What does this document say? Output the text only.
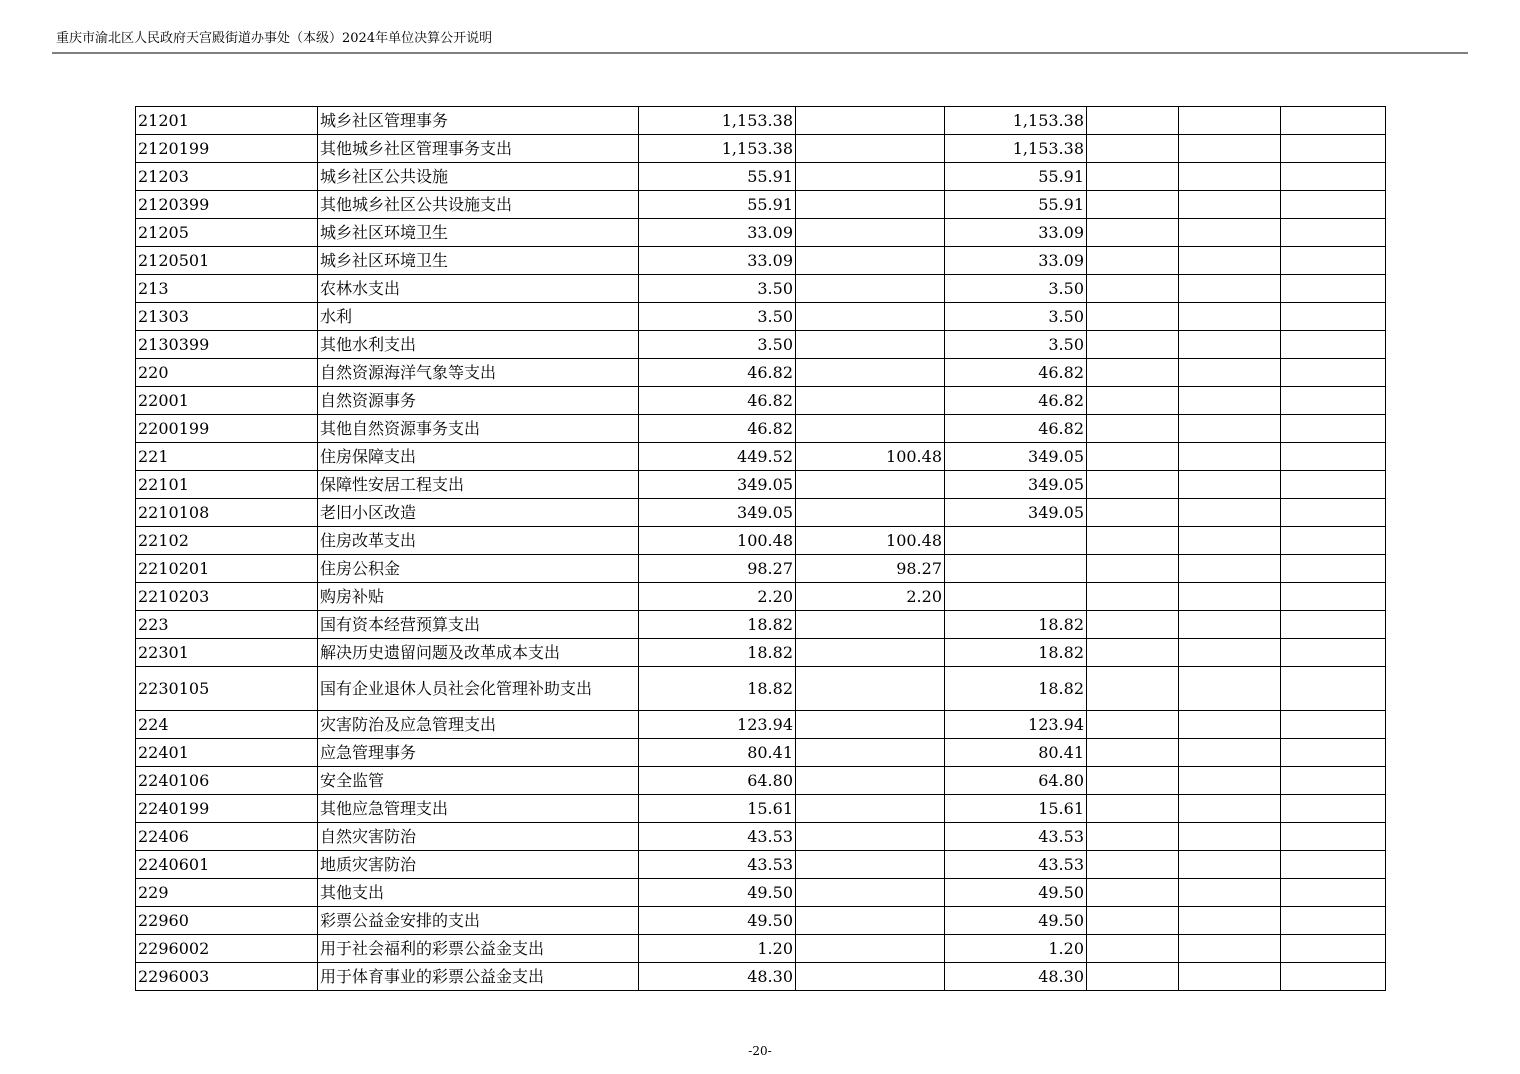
重庆市渝北区人民政府天宫殿街道办事处（本级）2024年单位决算公开说明
21201	城乡社区管理事务	1,153.38		1,153.38			
2120199	其他城乡社区管理事务支出	1,153.38		1,153.38			
21203	城乡社区公共设施	55.91		55.91			
2120399	其他城乡社区公共设施支出	55.91		55.91			
21205	城乡社区环境卫生	33.09		33.09			
2120501	城乡社区环境卫生	33.09		33.09			
213	农林水支出	3.50		3.50			
21303	水利	3.50		3.50			
2130399	其他水利支出	3.50		3.50			
220	自然资源海洋气象等支出	46.82		46.82			
22001	自然资源事务	46.82		46.82			
2200199	其他自然资源事务支出	46.82		46.82			
221	住房保障支出	449.52	100.48	349.05			
22101	保障性安居工程支出	349.05		349.05			
2210108	老旧小区改造	349.05		349.05			
22102	住房改革支出	100.48	100.48				
2210201	住房公积金	98.27	98.27				
2210203	购房补贴	2.20	2.20				
223	国有资本经营预算支出	18.82		18.82			
22301	解决历史遗留问题及改革成本支出	18.82		18.82			
2230105	国有企业退休人员社会化管理补助支出	18.82		18.82			
224	灾害防治及应急管理支出	123.94		123.94			
22401	应急管理事务	80.41		80.41			
2240106	安全监管	64.80		64.80			
2240199	其他应急管理支出	15.61		15.61			
22406	自然灾害防治	43.53		43.53			
2240601	地质灾害防治	43.53		43.53			
229	其他支出	49.50		49.50			
22960	彩票公益金安排的支出	49.50		49.50			
2296002	用于社会福利的彩票公益金支出	1.20		1.20			
2296003	用于体育事业的彩票公益金支出	48.30		48.30			
-20-
